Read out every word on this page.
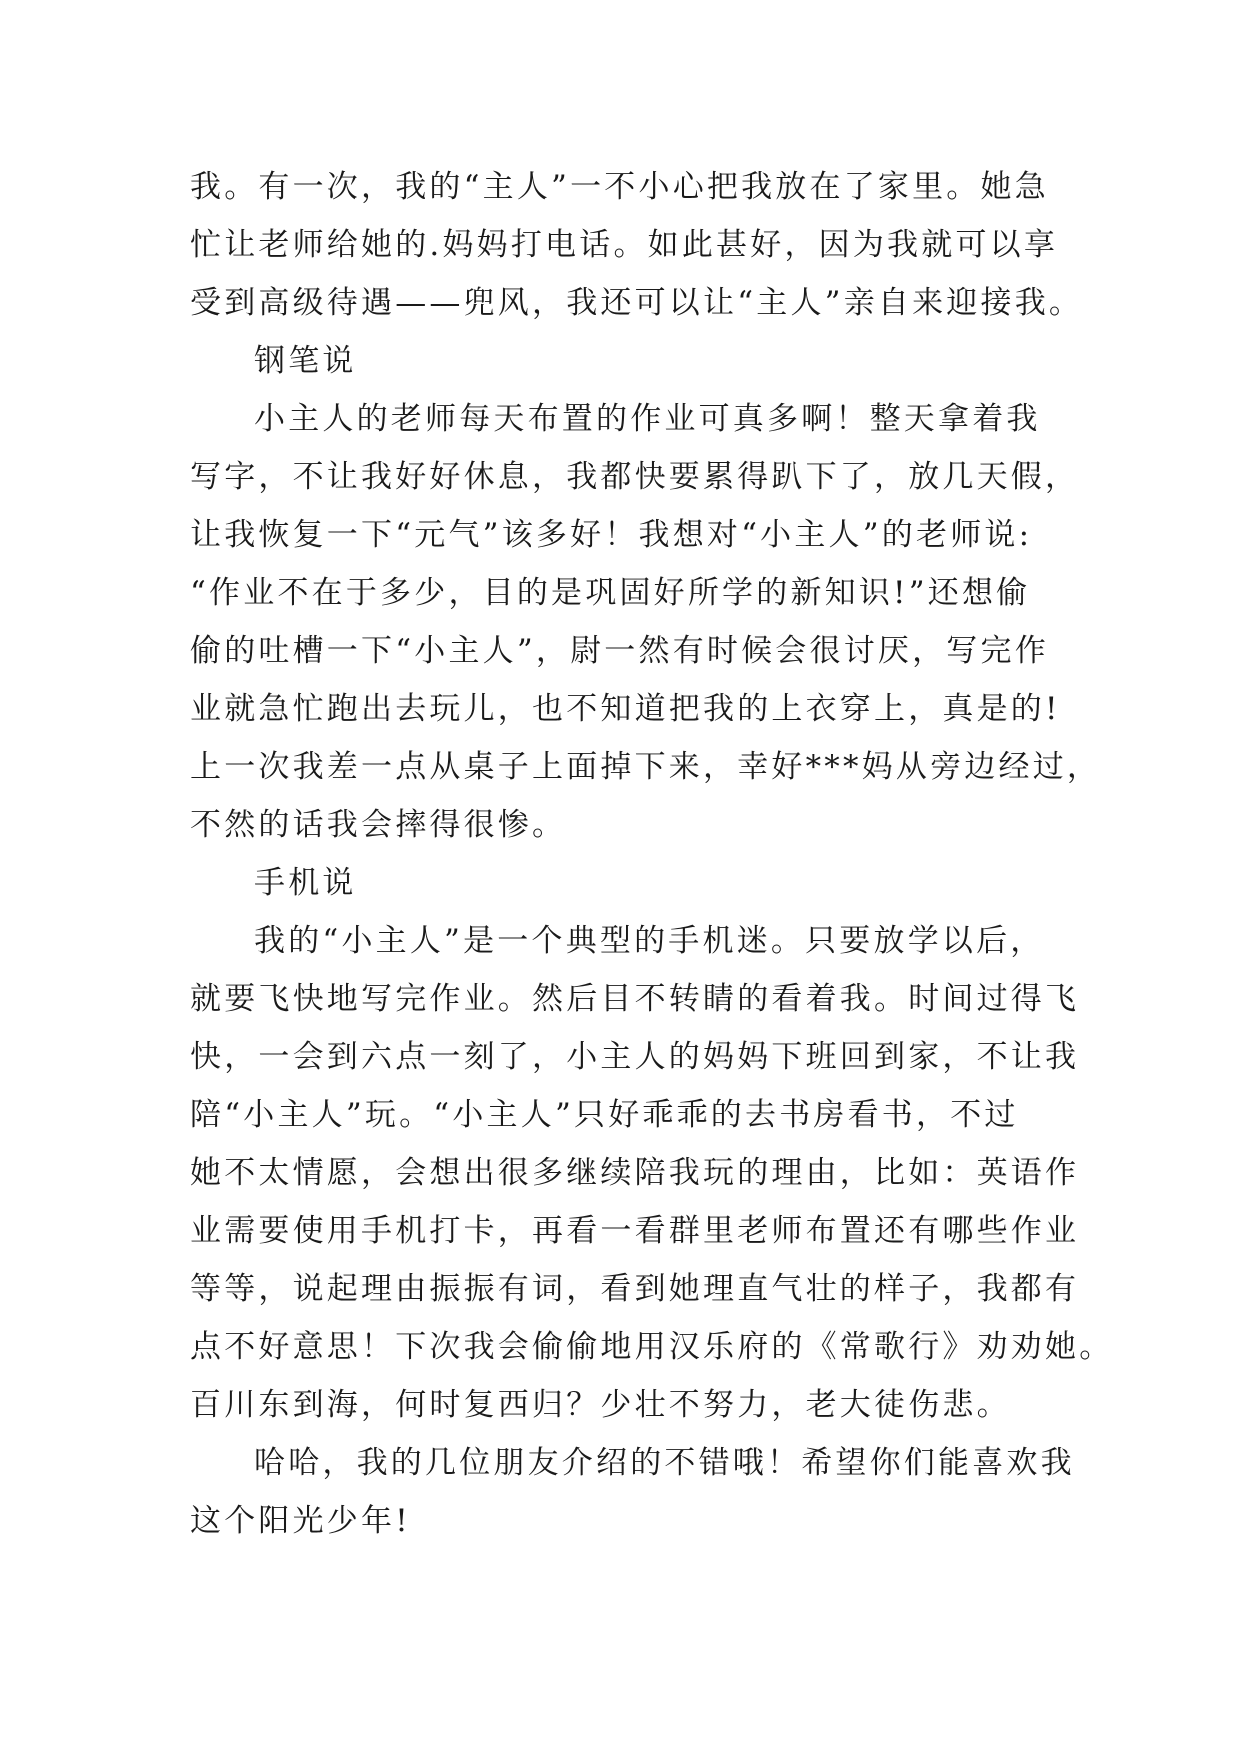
我。有一次，我的“主人”一不小心把我放在了家里。她急
忙让老师给她的.妈妈打电话。如此甚好，因为我就可以享
受到高级待遇——兜风，我还可以让“主人”亲自来迎接我。
钢笔说
小主人的老师每天布置的作业可真多啊！整天拿着我
写字，不让我好好休息，我都快要累得趴下了，放几天假，
让我恢复一下“元气”该多好！我想对“小主人”的老师说:
“作业不在于多少，目的是巩固好所学的新知识!”还想偷
偷的吐槽一下“小主人”，尉一然有时候会很讨厌，写完作
业就急忙跑出去玩儿，也不知道把我的上衣穿上，真是的!
上一次我差一点从桌子上面掉下来，幸好***妈从旁边经过，
不然的话我会摔得很惨。
手机说
我的“小主人”是一个典型的手机迷。只要放学以后，
就要飞快地写完作业。然后目不转睛的看着我。时间过得飞
快，一会到六点一刻了，小主人的妈妈下班回到家，不让我
陪“小主人”玩。“小主人”只好乖乖的去书房看书，不过
她不太情愿，会想出很多继续陪我玩的理由，比如：英语作
业需要使用手机打卡，再看一看群里老师布置还有哪些作业
等等，说起理由振振有词，看到她理直气壮的样子，我都有
点不好意思！下次我会偷偷地用汉乐府的《常歌行》劝劝她。
百川东到海，何时复西归？少壮不努力，老大徒伤悲。
哈哈，我的几位朋友介绍的不错哦！希望你们能喜欢我
这个阳光少年!
